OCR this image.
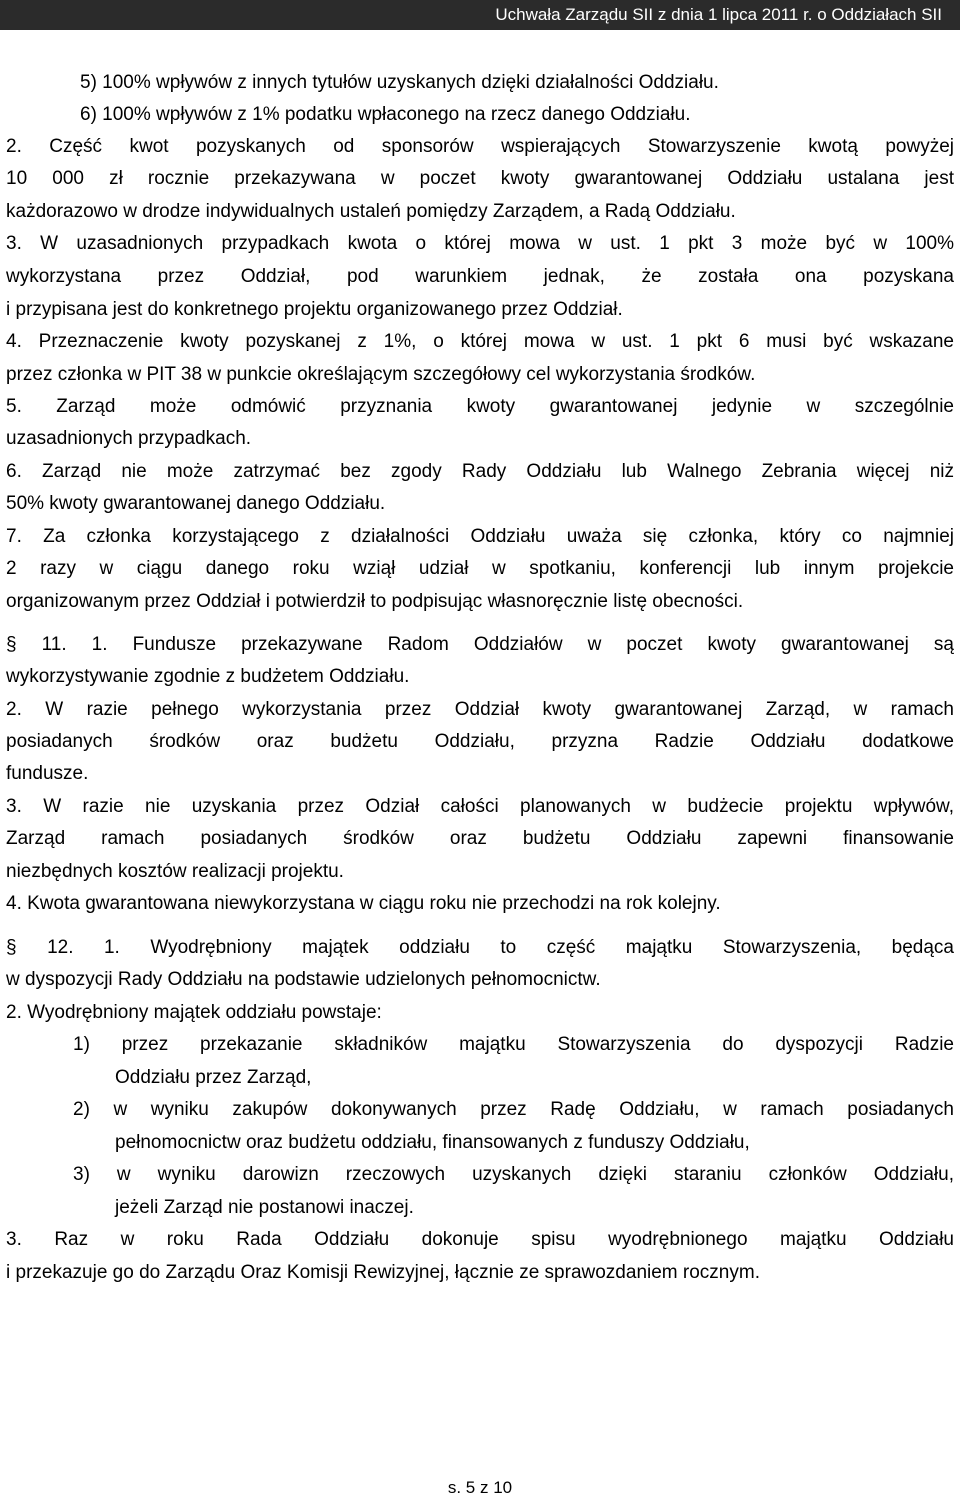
Uchwała Zarządu SII z dnia 1 lipca 2011 r. o Oddziałach SII
5) 100% wpływów z innych tytułów uzyskanych dzięki działalności Oddziału.
6) 100% wpływów z 1% podatku wpłaconego na rzecz danego Oddziału.
2. Część kwot pozyskanych od sponsorów wspierających Stowarzyszenie kwotą powyżej
10 000 zł rocznie przekazywana w poczet kwoty gwarantowanej Oddziału ustalana jest
każdorazowo w drodze indywidualnych ustaleń pomiędzy Zarządem, a Radą Oddziału.
3. W uzasadnionych przypadkach kwota o której mowa w ust. 1 pkt 3 może być w 100%
wykorzystana przez Oddział, pod warunkiem jednak, że została ona pozyskana
i przypisana jest do konkretnego projektu organizowanego przez Oddział.
4. Przeznaczenie kwoty pozyskanej z 1%, o której mowa w ust. 1 pkt 6 musi być wskazane
przez członka w PIT 38 w punkcie określającym szczegółowy cel wykorzystania środków.
5. Zarząd może odmówić przyznania kwoty gwarantowanej jedynie w szczególnie
uzasadnionych przypadkach.
6. Zarząd nie może zatrzymać bez zgody Rady Oddziału lub Walnego Zebrania więcej niż
50% kwoty gwarantowanej danego Oddziału.
7. Za członka korzystającego z działalności Oddziału uważa się członka, który co najmniej
2 razy w ciągu danego roku wziął udział w spotkaniu, konferencji lub innym projekcie
organizowanym przez Oddział i potwierdził to podpisując własnoręcznie listę obecności.
§ 11. 1. Fundusze przekazywane Radom Oddziałów w poczet kwoty gwarantowanej są
wykorzystywanie zgodnie z budżetem Oddziału.
2. W razie pełnego wykorzystania przez Oddział kwoty gwarantowanej Zarząd, w ramach
posiadanych środków oraz budżetu Oddziału, przyzna Radzie Oddziału dodatkowe
fundusze.
3. W razie nie uzyskania przez Odział całości planowanych w budżecie projektu wpływów,
Zarząd ramach posiadanych środków oraz budżetu Oddziału zapewni finansowanie
niezbędnych kosztów realizacji projektu.
4. Kwota gwarantowana niewykorzystana w ciągu roku nie przechodzi na rok kolejny.
§ 12. 1. Wyodrębniony majątek oddziału to część majątku Stowarzyszenia, będąca
w dyspozycji Rady Oddziału na podstawie udzielonych pełnomocnictw.
2. Wyodrębniony majątek oddziału powstaje:
1) przez przekazanie składników majątku Stowarzyszenia do dyspozycji Radzie
Oddziału przez Zarząd,
2) w wyniku zakupów dokonywanych przez Radę Oddziału, w ramach posiadanych
pełnomocnictw oraz budżetu oddziału, finansowanych z funduszy Oddziału,
3) w wyniku darowizn rzeczowych uzyskanych dzięki staraniu członków Oddziału,
jeżeli Zarząd nie postanowi inaczej.
3. Raz w roku Rada Oddziału dokonuje spisu wyodrębnionego majątku Oddziału
i przekazuje go do Zarządu Oraz Komisji Rewizyjnej, łącznie ze sprawozdaniem rocznym.
s. 5 z 10
